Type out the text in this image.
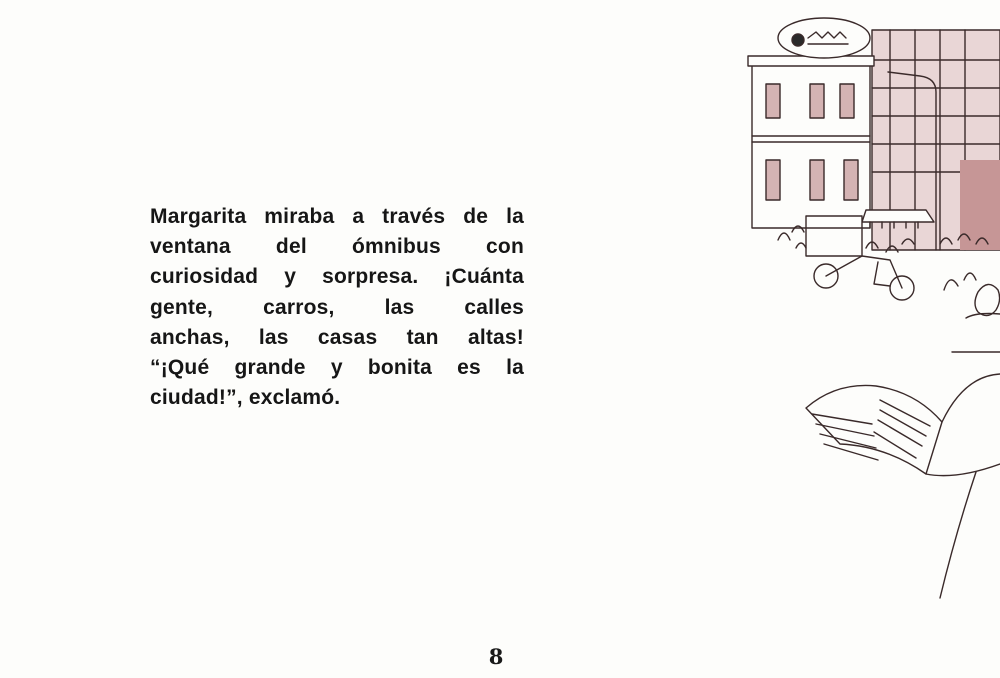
Margarita miraba a través de la
ventana del ómnibus con
curiosidad y sorpresa. ¡Cuánta
gente, carros, las calles
anchas, las casas tan altas!
“¡Qué grande y bonita es la
ciudad!”, exclamó.

8
